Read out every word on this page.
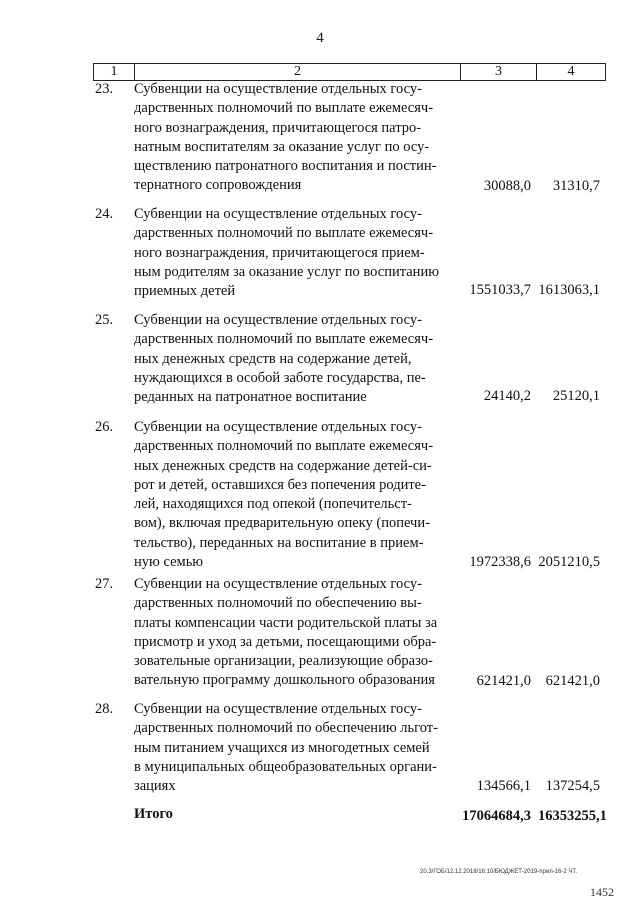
4
1	2	3	4
23. Субвенции на осуществление отдельных госу-
дарственных полномочий по выплате ежемесяч-
ного вознаграждения, причитающегося патро-
натным воспитателям за оказание услуг по осу-
ществлению патронатного воспитания и постин-
тернатного сопровождения	30088,0	31310,7
24. Субвенции на осуществление отдельных госу-
дарственных полномочий по выплате ежемесяч-
ного вознаграждения, причитающегося прием-
ным родителям за оказание услуг по воспитанию
приемных детей	1551033,7 1613063,1
25. Субвенции на осуществление отдельных госу-
дарственных полномочий по выплате ежемесяч-
ных денежных средств на содержание детей,
нуждающихся в особой заботе государства, пе-
реданных на патронатное воспитание	24140,2	25120,1
26. Субвенции на осуществление отдельных госу-
дарственных полномочий по выплате ежемесяч-
ных денежных средств на содержание детей-си-
рот и детей, оставшихся без попечения родите-
лей, находящихся под опекой (попечительст-
вом), включая предварительную опеку (попечи-
тельство), переданных на воспитание в прием-
ную семью	1972338,6 2051210,5
27. Субвенции на осуществление отдельных госу-
дарственных полномочий по обеспечению вы-
платы компенсации части родительской платы за
присмотр и уход за детьми, посещающими обра-
зовательные организации, реализующие образо-
вательную программу дошкольного образования	621421,0	621421,0
28. Субвенции на осуществление отдельных госу-
дарственных полномочий по обеспечению льгот-
ным питанием учащихся из многодетных семей
в муниципальных общеобразовательных органи-
зациях	134566,1	137254,5
Итого	17064684,3 16353255,1
20.3/ГОБ/12.12.2018/16:10/БЮДЖЕТ-2019-прил-16-2 ЧТ.
1452
